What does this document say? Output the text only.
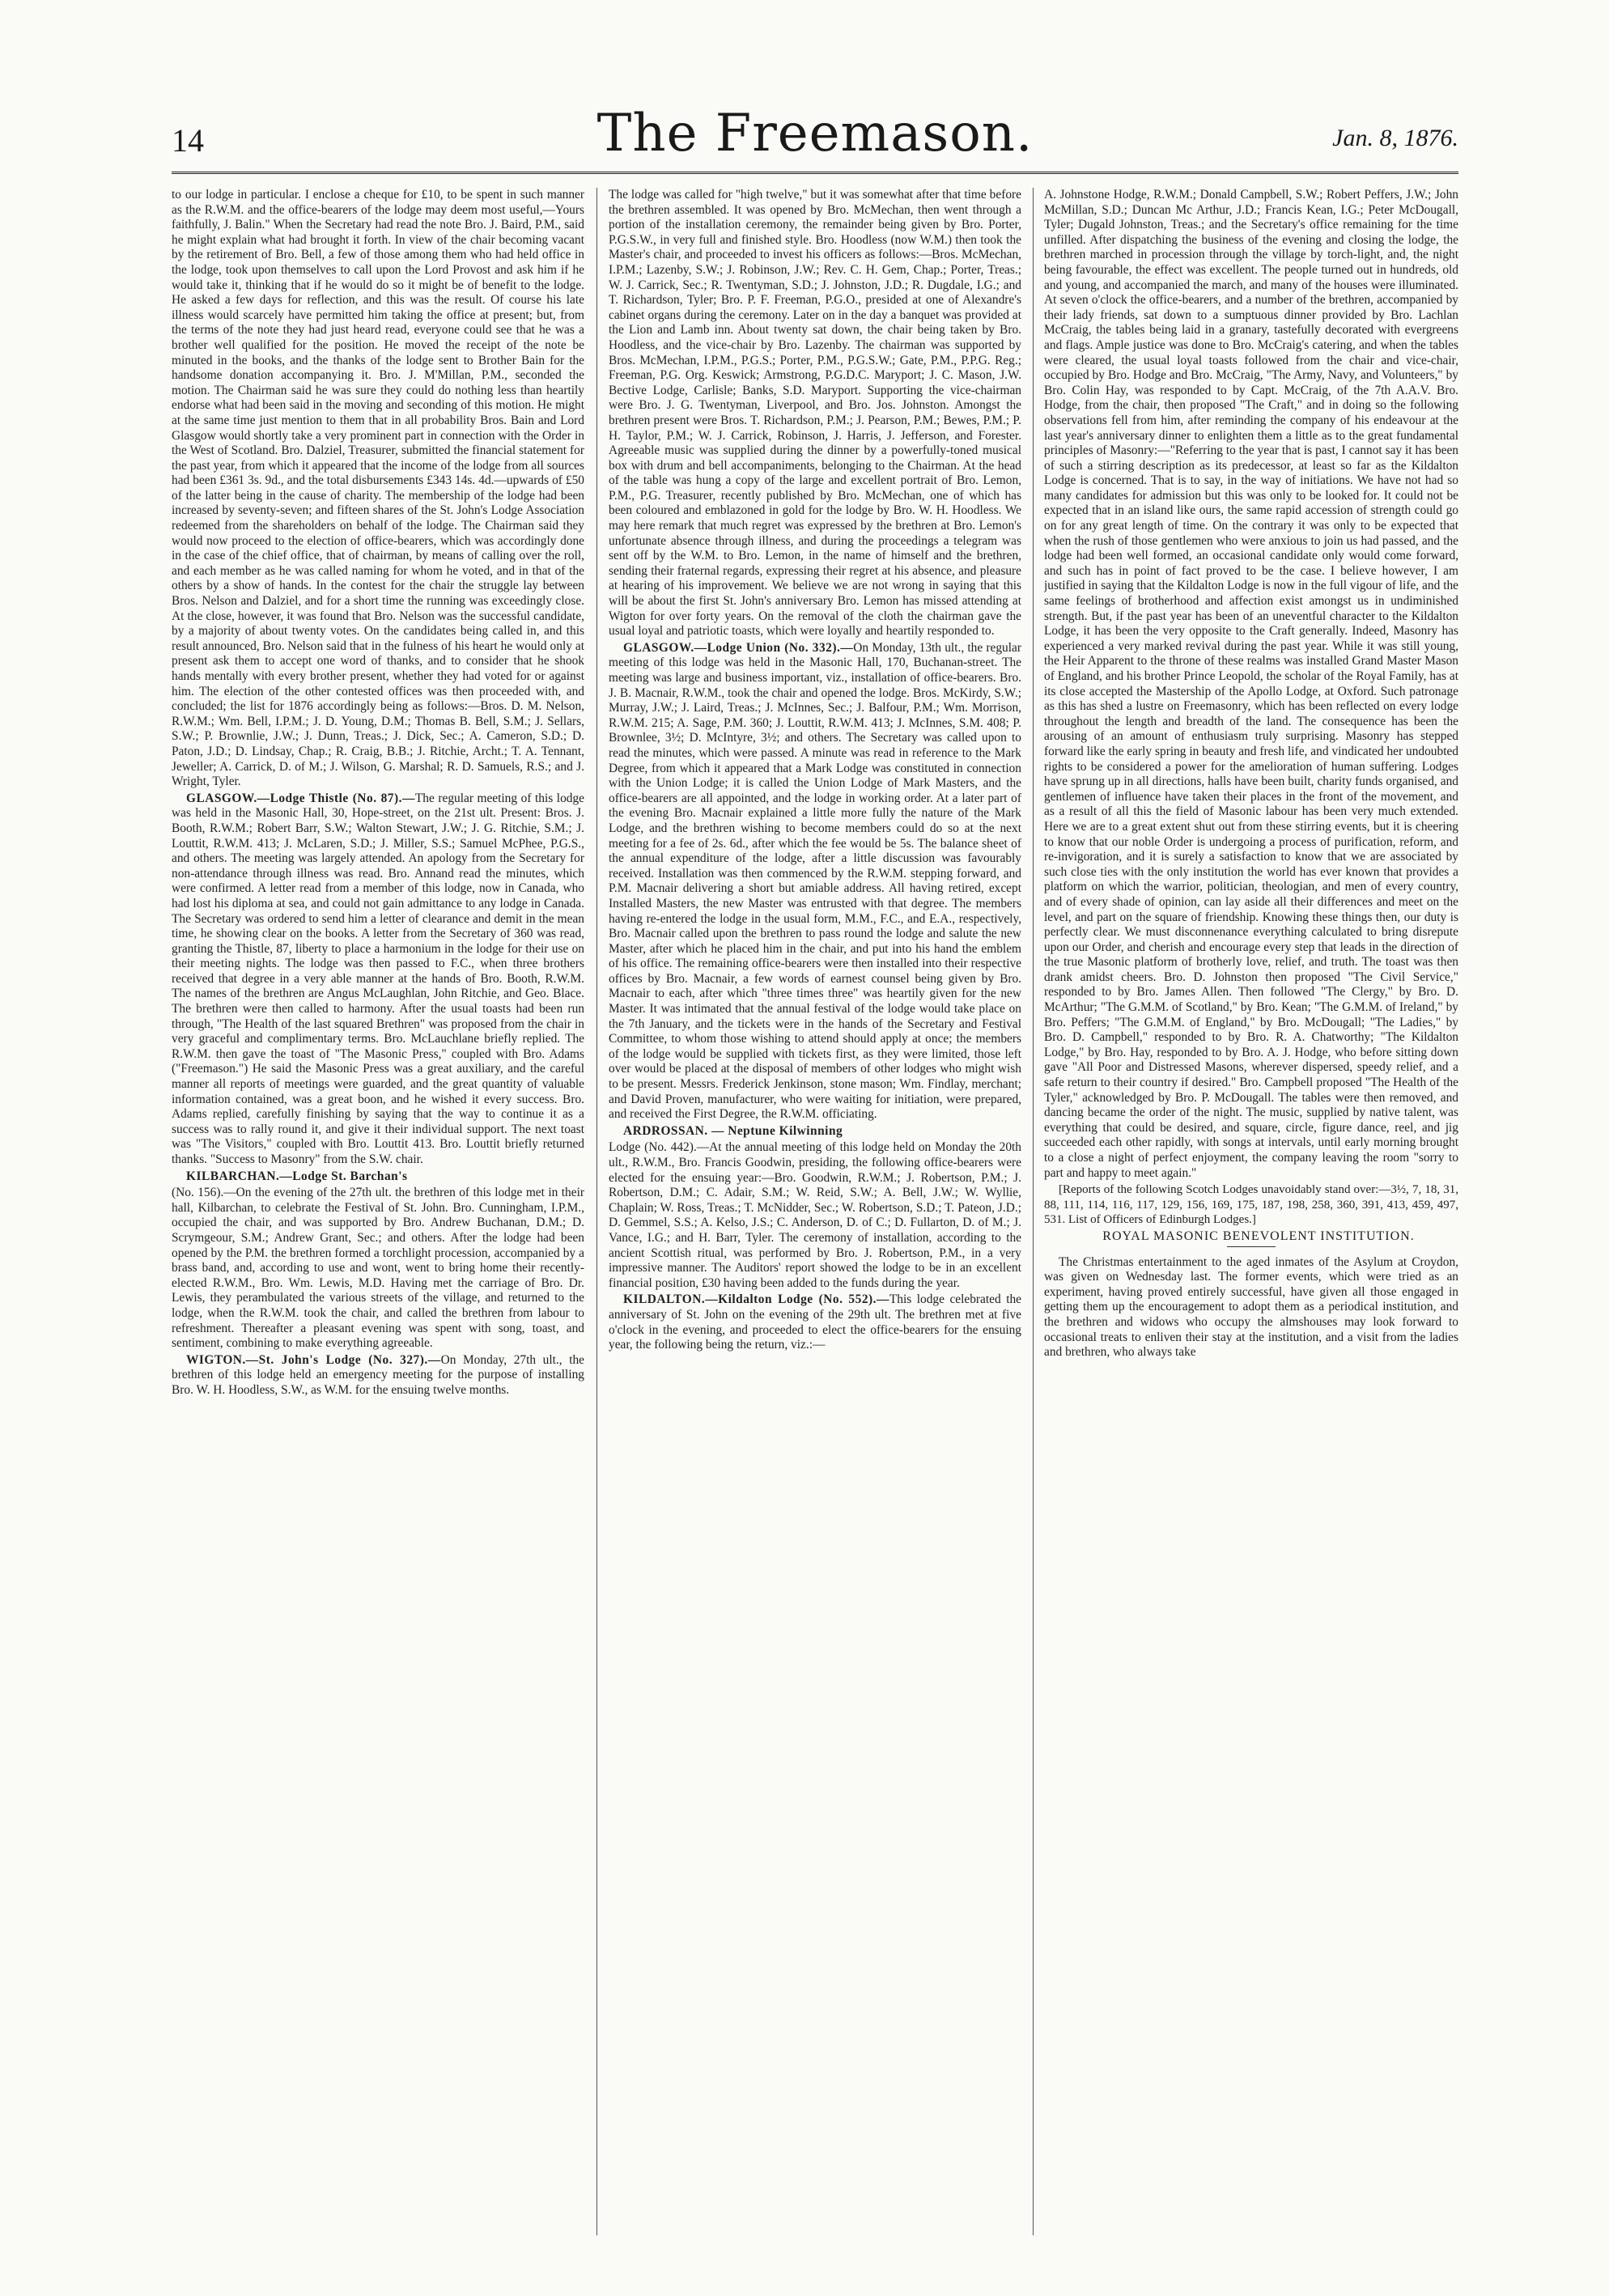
14	The Freemason.	Jan. 8, 1876.

to our lodge in particular. I enclose a cheque for £10, to be spent in such manner as the R.W.M. and the office-bearers of the lodge may deem most useful,—Yours faithfully, J. Balin." When the Secretary had read the note Bro. J. Baird, P.M., said he might explain what had brought it forth. In view of the chair becoming vacant by the retirement of Bro. Bell, a few of those among them who had held office in the lodge, took upon themselves to call upon the Lord Provost and ask him if he would take it, thinking that if he would do so it might be of benefit to the lodge. He asked a few days for reflection, and this was the result. Of course his late illness would scarcely have permitted him taking the office at present; but, from the terms of the note they had just heard read, everyone could see that he was a brother well qualified for the position. He moved the receipt of the note be minuted in the books, and the thanks of the lodge sent to Brother Bain for the handsome donation accompanying it. Bro. J. M'Millan, P.M., seconded the motion. The Chairman said he was sure they could do nothing less than heartily endorse what had been said in the moving and seconding of this motion. He might at the same time just mention to them that in all probability Bros. Bain and Lord Glasgow would shortly take a very prominent part in connection with the Order in the West of Scotland. Bro. Dalziel, Treasurer, submitted the financial statement for the past year, from which it appeared that the income of the lodge from all sources had been £361 3s. 9d., and the total disbursements £343 14s. 4d.—upwards of £50 of the latter being in the cause of charity. The membership of the lodge had been increased by seventy-seven; and fifteen shares of the St. John's Lodge Association redeemed from the shareholders on behalf of the lodge. The Chairman said they would now proceed to the election of office-bearers, which was accordingly done in the case of the chief office, that of chairman, by means of calling over the roll, and each member as he was called naming for whom he voted, and in that of the others by a show of hands. In the contest for the chair the struggle lay between Bros. Nelson and Dalziel, and for a short time the running was exceedingly close. At the close, however, it was found that Bro. Nelson was the successful candidate, by a majority of about twenty votes. On the candidates being called in, and this result announced, Bro. Nelson said that in the fulness of his heart he would only at present ask them to accept one word of thanks, and to consider that he shook hands mentally with every brother present, whether they had voted for or against him. The election of the other contested offices was then proceeded with, and concluded; the list for 1876 accordingly being as follows:—Bros. D. M. Nelson, R.W.M.; Wm. Bell, I.P.M.; J. D. Young, D.M.; Thomas B. Bell, S.M.; J. Sellars, S.W.; P. Brownlie, J.W.; J. Dunn, Treas.; J. Dick, Sec.; A. Cameron, S.D.; D. Paton, J.D.; D. Lindsay, Chap.; R. Craig, B.B.; J. Ritchie, Archt.; T. A. Tennant, Jeweller; A. Carrick, D. of M.; J. Wilson, G. Marshal; R. D. Samuels, R.S.; and J. Wright, Tyler.

GLASGOW.—Lodge Thistle (No. 87).—The regular meeting of this lodge was held in the Masonic Hall, 30, Hope-street, on the 21st ult. Present: Bros. J. Booth, R.W.M.; Robert Barr, S.W.; Walton Stewart, J.W.; J. G. Ritchie, S.M.; J. Louttit, R.W.M. 413; J. McLaren, S.D.; J. Miller, S.S.; Samuel McPhee, P.G.S., and others. The meeting was largely attended. An apology from the Secretary for non-attendance through illness was read. Bro. Annand read the minutes, which were confirmed. A letter read from a member of this lodge, now in Canada, who had lost his diploma at sea, and could not gain admittance to any lodge in Canada. The Secretary was ordered to send him a letter of clearance and demit in the mean time, he showing clear on the books. A letter from the Secretary of 360 was read, granting the Thistle, 87, liberty to place a harmonium in the lodge for their use on their meeting nights. The lodge was then passed to F.C., when three brothers received that degree in a very able manner at the hands of Bro. Booth, R.W.M. The names of the brethren are Angus McLaughlan, John Ritchie, and Geo. Blace. The brethren were then called to harmony. After the usual toasts had been run through, "The Health of the last squared Brethren" was proposed from the chair in very graceful and complimentary terms. Bro. McLauchlane briefly replied. The R.W.M. then gave the toast of "The Masonic Press," coupled with Bro. Adams ("Freemason.") He said the Masonic Press was a great auxiliary, and the careful manner all reports of meetings were guarded, and the great quantity of valuable information contained, was a great boon, and he wished it every success. Bro. Adams replied, carefully finishing by saying that the way to continue it as a success was to rally round it, and give it their individual support. The next toast was "The Visitors," coupled with Bro. Louttit 413. Bro. Louttit briefly returned thanks. "Success to Masonry" from the S.W. chair.

KILBARCHAN.—Lodge St. Barchan's

(No. 156).—On the evening of the 27th ult. the brethren of this lodge met in their hall, Kilbarchan, to celebrate the Festival of St. John. Bro. Cunningham, I.P.M., occupied the chair, and was supported by Bro. Andrew Buchanan, D.M.; D. Scrymgeour, S.M.; Andrew Grant, Sec.; and others. After the lodge had been opened by the P.M. the brethren formed a torchlight procession, accompanied by a brass band, and, according to use and wont, went to bring home their recently-elected R.W.M., Bro. Wm. Lewis, M.D. Having met the carriage of Bro. Dr. Lewis, they perambulated the various streets of the village, and returned to the lodge, when the R.W.M. took the chair, and called the brethren from labour to refreshment. Thereafter a pleasant evening was spent with song, toast, and sentiment, combining to make everything agreeable.

WIGTON.—St. John's Lodge (No. 327).—On Monday, 27th ult., the brethren of this lodge held an emergency meeting for the purpose of installing Bro. W. H. Hoodless, S.W., as W.M. for the ensuing twelve months.

The lodge was called for "high twelve," but it was somewhat after that time before the brethren assembled. It was opened by Bro. McMechan, then went through a portion of the installation ceremony, the remainder being given by Bro. Porter, P.G.S.W., in very full and finished style. Bro. Hoodless (now W.M.) then took the Master's chair, and proceeded to invest his officers as follows:—Bros. McMechan, I.P.M.; Lazenby, S.W.; J. Robinson, J.W.; Rev. C. H. Gem, Chap.; Porter, Treas.; W. J. Carrick, Sec.; R. Twentyman, S.D.; J. Johnston, J.D.; R. Dugdale, I.G.; and T. Richardson, Tyler; Bro. P. F. Freeman, P.G.O., presided at one of Alexandre's cabinet organs during the ceremony. Later on in the day a banquet was provided at the Lion and Lamb inn. About twenty sat down, the chair being taken by Bro. Hoodless, and the vice-chair by Bro. Lazenby. The chairman was supported by Bros. McMechan, I.P.M., P.G.S.; Porter, P.M., P.G.S.W.; Gate, P.M., P.P.G. Reg.; Freeman, P.G. Org. Keswick; Armstrong, P.G.D.C. Maryport; J. C. Mason, J.W. Bective Lodge, Carlisle; Banks, S.D. Maryport. Supporting the vice-chairman were Bro. J. G. Twentyman, Liverpool, and Bro. Jos. Johnston. Amongst the brethren present were Bros. T. Richardson, P.M.; J. Pearson, P.M.; Bewes, P.M.; P. H. Taylor, P.M.; W. J. Carrick, Robinson, J. Harris, J. Jefferson, and Forester. Agreeable music was supplied during the dinner by a powerfully-toned musical box with drum and bell accompaniments, belonging to the Chairman. At the head of the table was hung a copy of the large and excellent portrait of Bro. Lemon, P.M., P.G. Treasurer, recently published by Bro. McMechan, one of which has been coloured and emblazoned in gold for the lodge by Bro. W. H. Hoodless. We may here remark that much regret was expressed by the brethren at Bro. Lemon's unfortunate absence through illness, and during the proceedings a telegram was sent off by the W.M. to Bro. Lemon, in the name of himself and the brethren, sending their fraternal regards, expressing their regret at his absence, and pleasure at hearing of his improvement. We believe we are not wrong in saying that this will be about the first St. John's anniversary Bro. Lemon has missed attending at Wigton for over forty years. On the removal of the cloth the chairman gave the usual loyal and patriotic toasts, which were loyally and heartily responded to.

GLASGOW.—Lodge Union (No. 332).—On Monday, 13th ult., the regular meeting of this lodge was held in the Masonic Hall, 170, Buchanan-street. The meeting was large and business important, viz., installation of office-bearers. Bro. J. B. Macnair, R.W.M., took the chair and opened the lodge. Bros. McKirdy, S.W.; Murray, J.W.; J. Laird, Treas.; J. McInnes, Sec.; J. Balfour, P.M.; Wm. Morrison, R.W.M. 215; A. Sage, P.M. 360; J. Louttit, R.W.M. 413; J. McInnes, S.M. 408; P. Brownlee, 3½; D. McIntyre, 3½; and others. The Secretary was called upon to read the minutes, which were passed. A minute was read in reference to the Mark Degree, from which it appeared that a Mark Lodge was constituted in connection with the Union Lodge; it is called the Union Lodge of Mark Masters, and the office-bearers are all appointed, and the lodge in working order. At a later part of the evening Bro. Macnair explained a little more fully the nature of the Mark Lodge, and the brethren wishing to become members could do so at the next meeting for a fee of 2s. 6d., after which the fee would be 5s. The balance sheet of the annual expenditure of the lodge, after a little discussion was favourably received. Installation was then commenced by the R.W.M. stepping forward, and P.M. Macnair delivering a short but amiable address. All having retired, except Installed Masters, the new Master was entrusted with that degree. The members having re-entered the lodge in the usual form, M.M., F.C., and E.A., respectively, Bro. Macnair called upon the brethren to pass round the lodge and salute the new Master, after which he placed him in the chair, and put into his hand the emblem of his office. The remaining office-bearers were then installed into their respective offices by Bro. Macnair, a few words of earnest counsel being given by Bro. Macnair to each, after which "three times three" was heartily given for the new Master. It was intimated that the annual festival of the lodge would take place on the 7th January, and the tickets were in the hands of the Secretary and Festival Committee, to whom those wishing to attend should apply at once; the members of the lodge would be supplied with tickets first, as they were limited, those left over would be placed at the disposal of members of other lodges who might wish to be present. Messrs. Frederick Jenkinson, stone mason; Wm. Findlay, merchant; and David Proven, manufacturer, who were waiting for initiation, were prepared, and received the First Degree, the R.W.M. officiating.

ARDROSSAN. — Neptune Kilwinning

Lodge (No. 442).—At the annual meeting of this lodge held on Monday the 20th ult., R.W.M., Bro. Francis Goodwin, presiding, the following office-bearers were elected for the ensuing year:—Bro. Goodwin, R.W.M.; J. Robertson, P.M.; J. Robertson, D.M.; C. Adair, S.M.; W. Reid, S.W.; A. Bell, J.W.; W. Wyllie, Chaplain; W. Ross, Treas.; T. McNidder, Sec.; W. Robertson, S.D.; T. Pateon, J.D.; D. Gemmel, S.S.; A. Kelso, J.S.; C. Anderson, D. of C.; D. Fullarton, D. of M.; J. Vance, I.G.; and H. Barr, Tyler. The ceremony of installation, according to the ancient Scottish ritual, was performed by Bro. J. Robertson, P.M., in a very impressive manner. The Auditors' report showed the lodge to be in an excellent financial position, £30 having been added to the funds during the year.

KILDALTON.—Kildalton Lodge (No. 552).—This lodge celebrated the anniversary of St. John on the evening of the 29th ult. The brethren met at five o'clock in the evening, and proceeded to elect the office-bearers for the ensuing year, the following being the return, viz.:—

A. Johnstone Hodge, R.W.M.; Donald Campbell, S.W.; Robert Peffers, J.W.; John McMillan, S.D.; Duncan Mc Arthur, J.D.; Francis Kean, I.G.; Peter McDougall, Tyler; Dugald Johnston, Treas.; and the Secretary's office remaining for the time unfilled. After dispatching the business of the evening and closing the lodge, the brethren marched in procession through the village by torch-light, and, the night being favourable, the effect was excellent. The people turned out in hundreds, old and young, and accompanied the march, and many of the houses were illuminated. At seven o'clock the office-bearers, and a number of the brethren, accompanied by their lady friends, sat down to a sumptuous dinner provided by Bro. Lachlan McCraig, the tables being laid in a granary, tastefully decorated with evergreens and flags. Ample justice was done to Bro. McCraig's catering, and when the tables were cleared, the usual loyal toasts followed from the chair and vice-chair, occupied by Bro. Hodge and Bro. McCraig, "The Army, Navy, and Volunteers," by Bro. Colin Hay, was responded to by Capt. McCraig, of the 7th A.A.V. Bro. Hodge, from the chair, then proposed "The Craft," and in doing so the following observations fell from him, after reminding the company of his endeavour at the last year's anniversary dinner to enlighten them a little as to the great fundamental principles of Masonry:—"Referring to the year that is past, I cannot say it has been of such a stirring description as its predecessor, at least so far as the Kildalton Lodge is concerned. That is to say, in the way of initiations. We have not had so many candidates for admission but this was only to be looked for. It could not be expected that in an island like ours, the same rapid accession of strength could go on for any great length of time. On the contrary it was only to be expected that when the rush of those gentlemen who were anxious to join us had passed, and the lodge had been well formed, an occasional candidate only would come forward, and such has in point of fact proved to be the case. I believe however, I am justified in saying that the Kildalton Lodge is now in the full vigour of life, and the same feelings of brotherhood and affection exist amongst us in undiminished strength. But, if the past year has been of an uneventful character to the Kildalton Lodge, it has been the very opposite to the Craft generally. Indeed, Masonry has experienced a very marked revival during the past year. While it was still young, the Heir Apparent to the throne of these realms was installed Grand Master Mason of England, and his brother Prince Leopold, the scholar of the Royal Family, has at its close accepted the Mastership of the Apollo Lodge, at Oxford. Such patronage as this has shed a lustre on Freemasonry, which has been reflected on every lodge throughout the length and breadth of the land. The consequence has been the arousing of an amount of enthusiasm truly surprising. Masonry has stepped forward like the early spring in beauty and fresh life, and vindicated her undoubted rights to be considered a power for the amelioration of human suffering. Lodges have sprung up in all directions, halls have been built, charity funds organised, and gentlemen of influence have taken their places in the front of the movement, and as a result of all this the field of Masonic labour has been very much extended. Here we are to a great extent shut out from these stirring events, but it is cheering to know that our noble Order is undergoing a process of purification, reform, and re-invigoration, and it is surely a satisfaction to know that we are associated by such close ties with the only institution the world has ever known that provides a platform on which the warrior, politician, theologian, and men of every country, and of every shade of opinion, can lay aside all their differences and meet on the level, and part on the square of friendship. Knowing these things then, our duty is perfectly clear. We must disconnenance everything calculated to bring disrepute upon our Order, and cherish and encourage every step that leads in the direction of the true Masonic platform of brotherly love, relief, and truth. The toast was then drank amidst cheers. Bro. D. Johnston then proposed "The Civil Service," responded to by Bro. James Allen. Then followed "The Clergy," by Bro. D. McArthur; "The G.M.M. of Scotland," by Bro. Kean; "The G.M.M. of Ireland," by Bro. Peffers; "The G.M.M. of England," by Bro. McDougall; "The Ladies," by Bro. D. Campbell," responded to by Bro. R. A. Chatworthy; "The Kildalton Lodge," by Bro. Hay, responded to by Bro. A. J. Hodge, who before sitting down gave "All Poor and Distressed Masons, wherever dispersed, speedy relief, and a safe return to their country if desired." Bro. Campbell proposed "The Health of the Tyler," acknowledged by Bro. P. McDougall. The tables were then removed, and dancing became the order of the night. The music, supplied by native talent, was everything that could be desired, and square, circle, figure dance, reel, and jig succeeded each other rapidly, with songs at intervals, until early morning brought to a close a night of perfect enjoyment, the company leaving the room "sorry to part and happy to meet again."

[Reports of the following Scotch Lodges unavoidably stand over:—3½, 7, 18, 31, 88, 111, 114, 116, 117, 129, 156, 169, 175, 187, 198, 258, 360, 391, 413, 459, 497, 531. List of Officers of Edinburgh Lodges.]

ROYAL MASONIC BENEVOLENT INSTITUTION.

The Christmas entertainment to the aged inmates of the Asylum at Croydon, was given on Wednesday last. The former events, which were tried as an experiment, having proved entirely successful, have given all those engaged in getting them up the encouragement to adopt them as a periodical institution, and the brethren and widows who occupy the almshouses may look forward to occasional treats to enliven their stay at the institution, and a visit from the ladies and brethren, who always take
